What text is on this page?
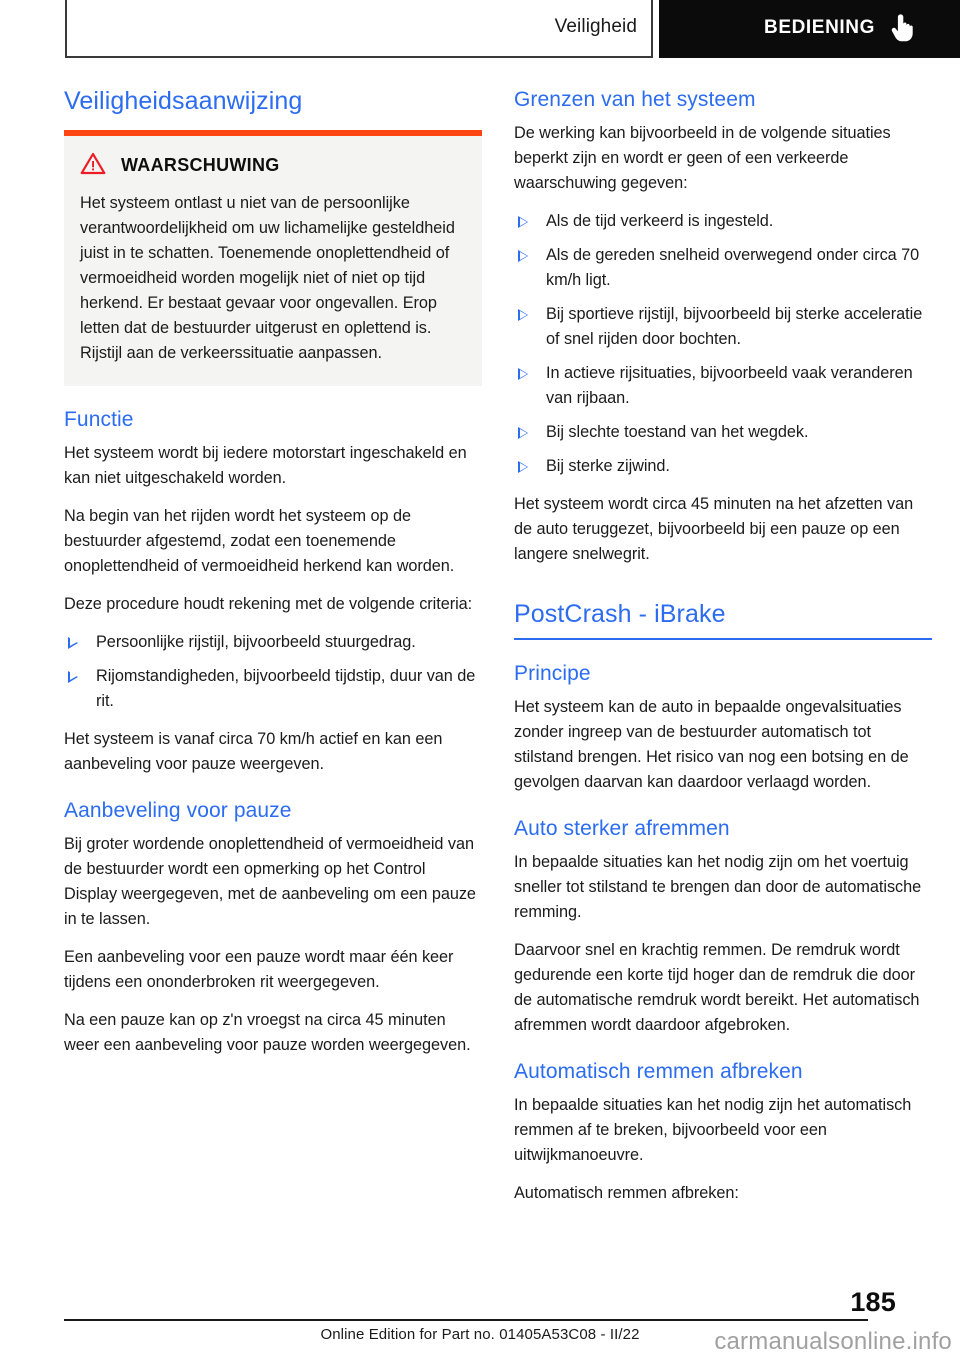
Veiligheid	BEDIENING
Veiligheidsaanwijzing
WAARSCHUWING

Het systeem ontlast u niet van de persoonlijke verantwoordelijkheid om uw lichamelijke gesteldheid juist in te schatten. Toenemende onoplettendheid of vermoeidheid worden mogelijk niet of niet op tijd herkend. Er bestaat gevaar voor ongevallen. Erop letten dat de bestuurder uitgerust en oplettend is. Rijstijl aan de verkeerssituatie aanpassen.

Functie

Het systeem wordt bij iedere motorstart ingeschakeld en kan niet uitgeschakeld worden.

Na begin van het rijden wordt het systeem op de bestuurder afgestemd, zodat een toenemende onoplettendheid of vermoeidheid herkend kan worden.

Deze procedure houdt rekening met de volgende criteria:

Persoonlijke rijstijl, bijvoorbeeld stuurgedrag.
Rijomstandigheden, bijvoorbeeld tijdstip, duur van de rit.

Het systeem is vanaf circa 70 km/h actief en kan een aanbeveling voor pauze weergeven.

Aanbeveling voor pauze

Bij groter wordende onoplettendheid of vermoeidheid van de bestuurder wordt een opmerking op het Control Display weergegeven, met de aanbeveling om een pauze in te lassen.

Een aanbeveling voor een pauze wordt maar één keer tijdens een ononderbroken rit weergegeven.

Na een pauze kan op z'n vroegst na circa 45 minuten weer een aanbeveling voor pauze worden weergegeven.

Grenzen van het systeem

De werking kan bijvoorbeeld in de volgende situaties beperkt zijn en wordt er geen of een verkeerde waarschuwing gegeven:

Als de tijd verkeerd is ingesteld.
Als de gereden snelheid overwegend onder circa 70 km/h ligt.
Bij sportieve rijstijl, bijvoorbeeld bij sterke acceleratie of snel rijden door bochten.
In actieve rijsituaties, bijvoorbeeld vaak veranderen van rijbaan.
Bij slechte toestand van het wegdek.
Bij sterke zijwind.

Het systeem wordt circa 45 minuten na het afzetten van de auto teruggezet, bijvoorbeeld bij een pauze op een langere snelwegrit.

PostCrash - iBrake
Principe

Het systeem kan de auto in bepaalde ongevalsituaties zonder ingreep van de bestuurder automatisch tot stilstand brengen. Het risico van nog een botsing en de gevolgen daarvan kan daardoor verlaagd worden.

Auto sterker afremmen

In bepaalde situaties kan het nodig zijn om het voertuig sneller tot stilstand te brengen dan door de automatische remming.

Daarvoor snel en krachtig remmen. De remdruk wordt gedurende een korte tijd hoger dan de remdruk die door de automatische remdruk wordt bereikt. Het automatisch afremmen wordt daardoor afgebroken.

Automatisch remmen afbreken

In bepaalde situaties kan het nodig zijn het automatisch remmen af te breken, bijvoorbeeld voor een uitwijkmanoeuvre.

Automatisch remmen afbreken:

185
Online Edition for Part no. 01405A53C08 - II/22	carmanualsonline.info
